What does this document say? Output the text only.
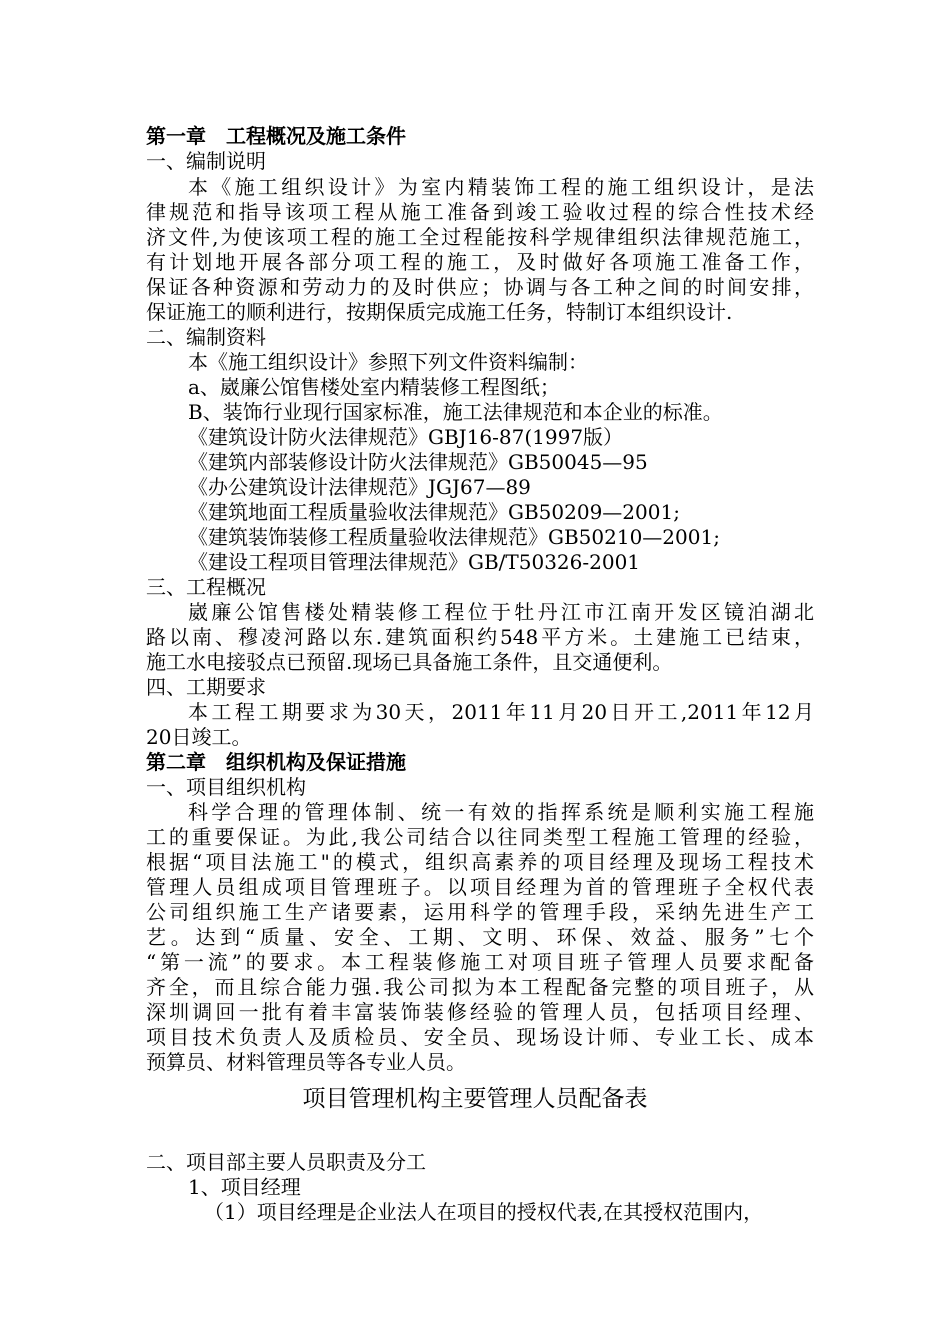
第一章　工程概况及施工条件
一、编制说明
本《施工组织设计》为室内精装饰工程的施工组织设计，是法
律规范和指导该项工程从施工准备到竣工验收过程的综合性技术经
济文件,为使该项工程的施工全过程能按科学规律组织法律规范施工，
有计划地开展各部分项工程的施工，及时做好各项施工准备工作，
保证各种资源和劳动力的及时供应；协调与各工种之间的时间安排，
保证施工的顺利进行，按期保质完成施工任务，特制订本组织设计.
二、编制资料
本《施工组织设计》参照下列文件资料编制：
a、崴廉公馆售楼处室内精装修工程图纸；
B、装饰行业现行国家标准，施工法律规范和本企业的标准。
《建筑设计防火法律规范》GBJ16-87(1997版）
《建筑内部装修设计防火法律规范》GB50045—95
《办公建筑设计法律规范》JGJ67—89
《建筑地面工程质量验收法律规范》GB50209—2001;
《建筑装饰装修工程质量验收法律规范》GB50210—2001;
《建设工程项目管理法律规范》GB/T50326-2001
三、工程概况
崴廉公馆售楼处精装修工程位于牡丹江市江南开发区镜泊湖北
路以南、穆凌河路以东.建筑面积约548平方米。土建施工已结束，
施工水电接驳点已预留.现场已具备施工条件，且交通便利。
四、工期要求
本工程工期要求为30天，2011年11月20日开工,2011年12月
20日竣工。
第二章　组织机构及保证措施
一、项目组织机构
科学合理的管理体制、统一有效的指挥系统是顺利实施工程施
工的重要保证。为此,我公司结合以往同类型工程施工管理的经验，
根据“项目法施工"的模式，组织高素养的项目经理及现场工程技术
管理人员组成项目管理班子。以项目经理为首的管理班子全权代表
公司组织施工生产诸要素，运用科学的管理手段，采纳先进生产工
艺。达到“质量、安全、工期、文明、环保、效益、服务”七个
“第一流”的要求。本工程装修施工对项目班子管理人员要求配备
齐全，而且综合能力强.我公司拟为本工程配备完整的项目班子，从
深圳调回一批有着丰富装饰装修经验的管理人员，包括项目经理、
项目技术负责人及质检员、安全员、现场设计师、专业工长、成本
预算员、材料管理员等各专业人员。
项目管理机构主要管理人员配备表
二、项目部主要人员职责及分工
1、项目经理
（1）项目经理是企业法人在项目的授权代表,在其授权范围内，
